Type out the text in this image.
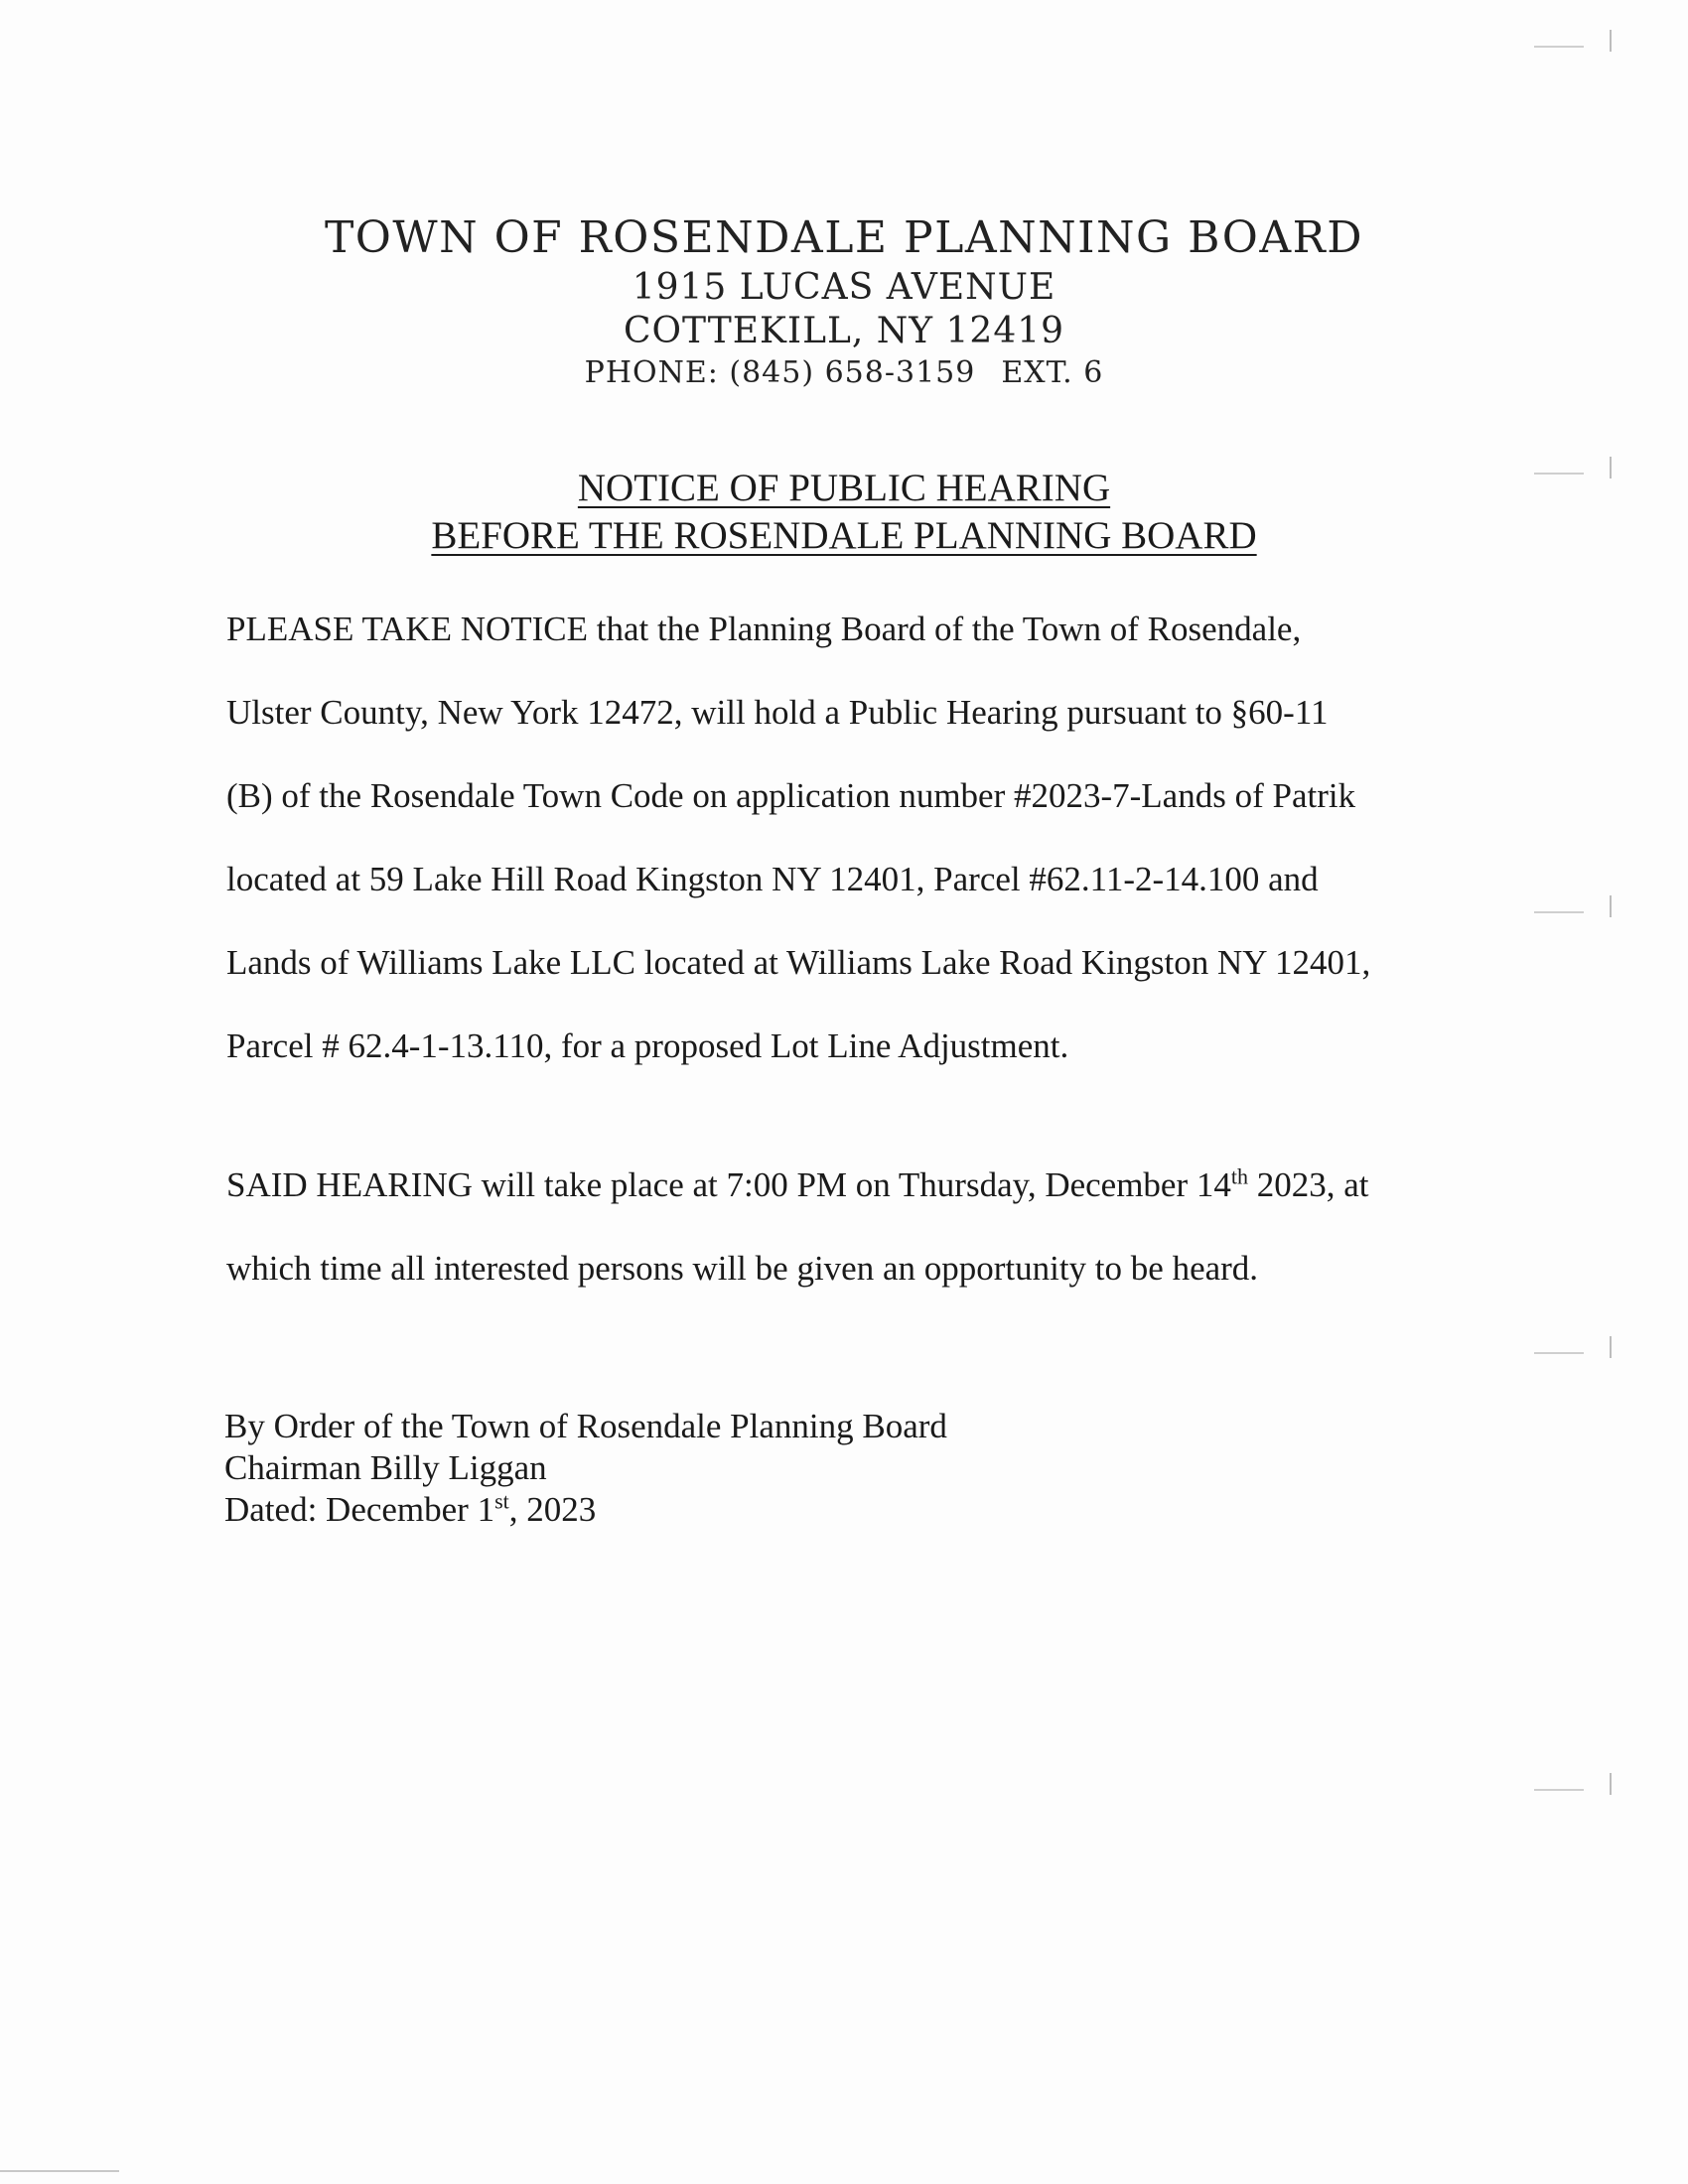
TOWN OF ROSENDALE PLANNING BOARD
1915 LUCAS AVENUE
COTTEKILL, NY 12419
PHONE: (845) 658-3159 EXT. 6
NOTICE OF PUBLIC HEARING
BEFORE THE ROSENDALE PLANNING BOARD
PLEASE TAKE NOTICE that the Planning Board of the Town of Rosendale,
Ulster County, New York 12472, will hold a Public Hearing pursuant to §60-11
(B) of the Rosendale Town Code on application number #2023-7-Lands of Patrik
located at 59 Lake Hill Road Kingston NY 12401, Parcel #62.11-2-14.100 and
Lands of Williams Lake LLC located at Williams Lake Road Kingston NY 12401,
Parcel # 62.4-1-13.110, for a proposed Lot Line Adjustment.
SAID HEARING will take place at 7:00 PM on Thursday, December 14th 2023, at
which time all interested persons will be given an opportunity to be heard.
By Order of the Town of Rosendale Planning Board
Chairman Billy Liggan
Dated: December 1st, 2023
